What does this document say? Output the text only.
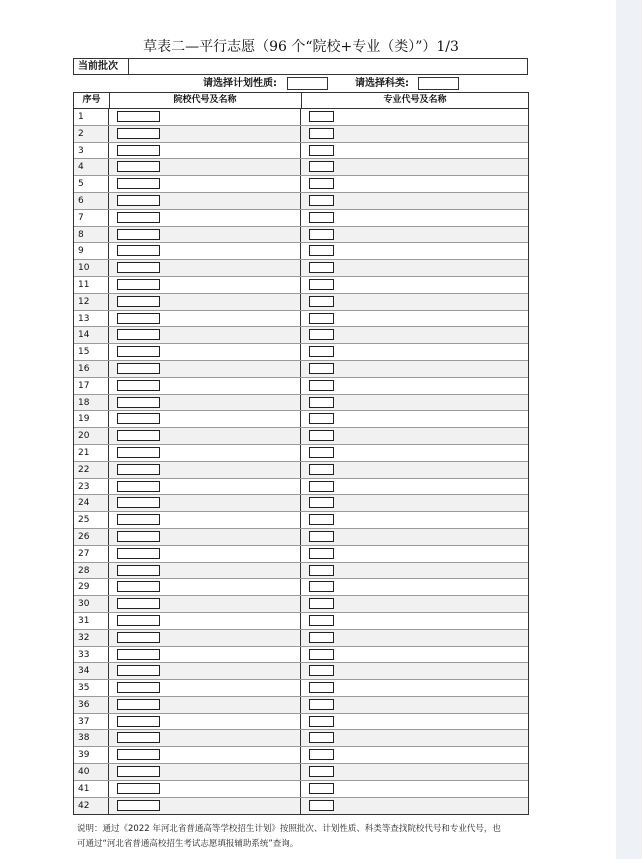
草表二—平行志愿（96 个“院校+专业（类）”）1/3
当前批次
请选择计划性质:	请选择科类:
序号	院校代号及名称	专业代号及名称
1
2
3
4
5
6
7
8
9
10
11
12
13
14
15
16
17
18
19
20
21
22
23
24
25
26
27
28
29
30
31
32
33
34
35
36
37
38
39
40
41
42
说明：通过《2022 年河北省普通高等学校招生计划》按照批次、计划性质、科类等查找院校代号和专业代号，也
可通过“河北省普通高校招生考试志愿填报辅助系统”查询。
